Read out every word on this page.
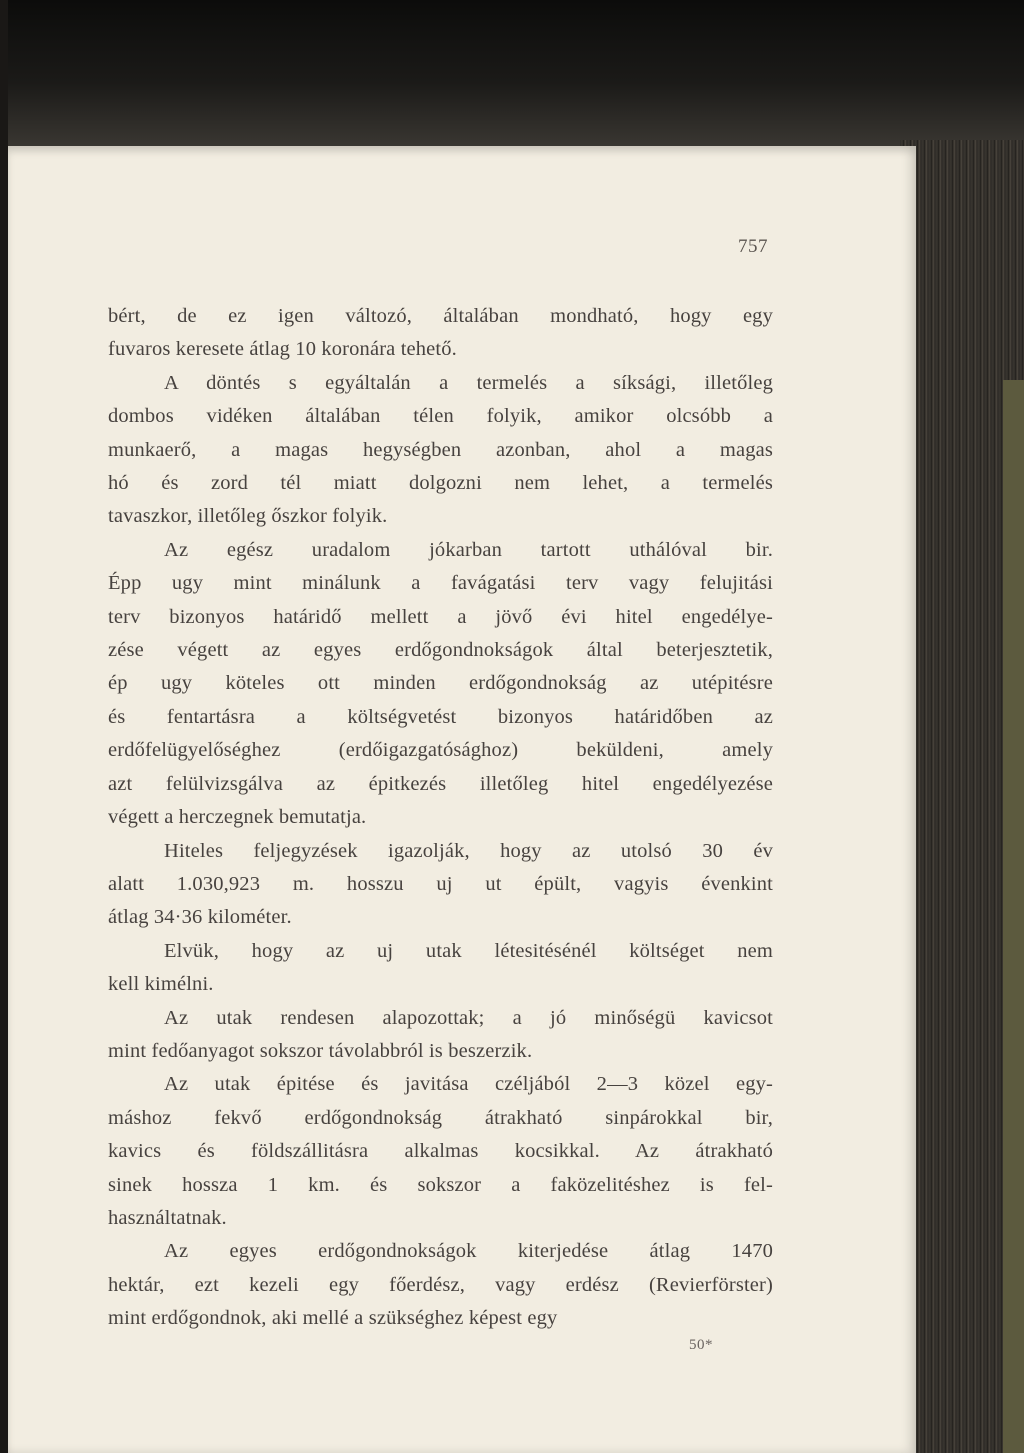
757

bért, de ez igen változó, általában mondható, hogy egy
fuvaros keresete átlag 10 koronára tehető.

A döntés s egyáltalán a termelés a síksági, illetőleg
dombos vidéken általában télen folyik, amikor olcsóbb a
munkaerő, a magas hegységben azonban, ahol a magas
hó és zord tél miatt dolgozni nem lehet, a termelés
tavaszkor, illetőleg őszkor folyik.

Az egész uradalom jókarban tartott uthálóval bir.
Épp ugy mint minálunk a favágatási terv vagy felujitási
terv bizonyos határidő mellett a jövő évi hitel engedélye-
zése végett az egyes erdőgondnokságok által beterjesztetik,
ép ugy köteles ott minden erdőgondnokság az utépitésre
és fentartásra a költségvetést bizonyos határidőben az
erdőfelügyelőséghez (erdőigazgatósághoz) beküldeni, amely
azt felülvizsgálva az épitkezés illetőleg hitel engedélyezése
végett a herczegnek bemutatja.

Hiteles feljegyzések igazolják, hogy az utolsó 30 év
alatt 1.030,923 m. hosszu uj ut épült, vagyis évenkint
átlag 34·36 kilométer.

Elvük, hogy az uj utak létesitésénél költséget nem
kell kimélni.

Az utak rendesen alapozottak; a jó minőségü kavicsot
mint fedőanyagot sokszor távolabbról is beszerzik.

Az utak épitése és javitása czéljából 2—3 közel egy-
máshoz fekvő erdőgondnokság átrakható sinpárokkal bir,
kavics és földszállitásra alkalmas kocsikkal. Az átrakható
sinek hossza 1 km. és sokszor a faközelitéshez is fel-
használtatnak.

Az egyes erdőgondnokságok kiterjedése átlag 1470
hektár, ezt kezeli egy főerdész, vagy erdész (Revierförster)
mint erdőgondnok, aki mellé a szükséghez képest egy

50*
